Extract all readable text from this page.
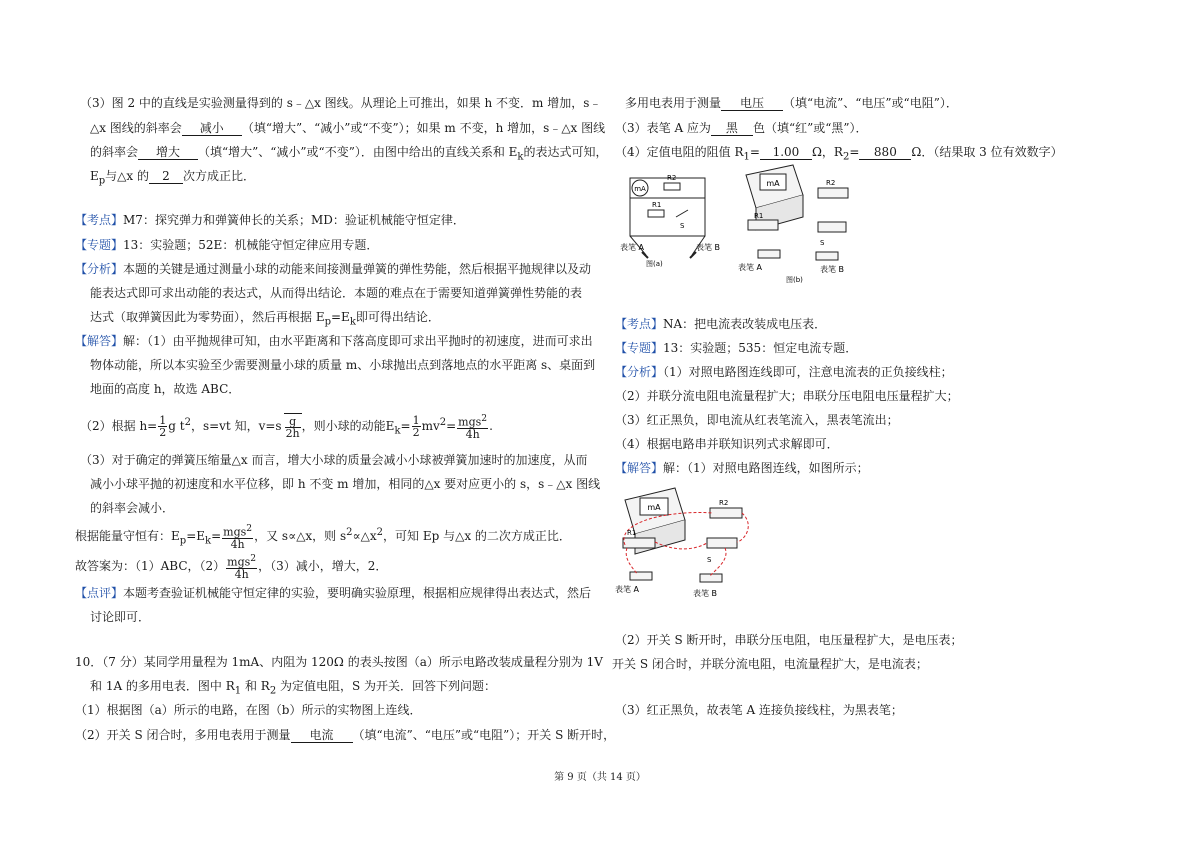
（3）图 2 中的直线是实验测量得到的 s﹣△x 图线。从理论上可推出，如果 h 不变．m 增加，s﹣
△x 图线的斜率会 减小 （填“增大”、“减小”或“不变”）；如果 m 不变，h 增加，s﹣△x 图线
的斜率会 增大 （填“增大”、“减小”或“不变”）．由图中给出的直线关系和 $E_k$的表达式可知，
$E_p$与△x 的 2 次方成正比．
【考点】M7：探究弹力和弹簧伸长的关系；MD：验证机械能守恒定律．
【专题】13：实验题；52E：机械能守恒定律应用专题．
【分析】本题的关键是通过测量小球的动能来间接测量弹簧的弹性势能，然后根据平抛规律以及动
能表达式即可求出动能的表达式，从而得出结论．本题的难点在于需要知道弹簧弹性势能的表
达式（取弹簧因此为零势面），然后再根据 $E_p=E_k$即可得出结论．
【解答】解：（1）由平抛规律可知，由水平距离和下落高度即可求出平抛时的初速度，进而可求出
物体动能，所以本实验至少需要测量小球的质量 m、小球抛出点到落地点的水平距离 s、桌面到
地面的高度 h，故选 ABC．
（2）根据 $h= \frac{1}{2}$ g $t^2$，s=vt 知，$v=s \frac{g}{2h}$ ，则小球的动能$E_k= \frac{1}{2} mv^2= \frac{mgs^2}{4h}$ .
（3）对于确定的弹簧压缩量△x 而言，增大小球的质量会减小小球被弹簧加速时的加速度，从而
减小小球平抛的初速度和水平位移，即 h 不变 m 增加，相同的△x 要对应更小的 s，s﹣△x 图线
的斜率会减小．
根据能量守恒有：$E_p=E_k= \frac{mgs^2}{4h}$ ，又 s∝△x，则 $s^2\propto\triangle x^2$，可知 Ep 与△x 的二次方成正比．
故答案为：（1）ABC，$(2) \frac{mgs^2}{4h}$ ，（3）减小，增大，2．
【点评】本题考查验证机械能守恒定律的实验，要明确实验原理，根据相应规律得出表达式，然后
讨论即可．
10．（7 分）某同学用量程为 1mA、内阻为 120Ω 的表头按图（a）所示电路改装成量程分别为 1V
和 1A 的多用电表．图中 $R_1$ 和 $R_2$ 为定值电阻，S 为开关．回答下列问题：
（1）根据图（a）所示的电路，在图（b）所示的实物图上连线．
（2）开关 S 闭合时，多用电表用于测量 电流 （填“电流”、“电压”或“电阻”）；开关 S 断开时，
多用电表用于测量 电压 （填“电流”、“电压”或“电阻”）．
（3）表笔 A 应为 黑 色（填“红”或“黑”）．
（4）定值电阻的阻值 $R_1= 1.00$ Ω，$R_2= 880$ Ω．（结果取 3 位有效数字）
mA
R2
R1
S
表笔 A	表笔 B
图(a)
mA	R2
R1
S
表笔 A	表笔 B
图(b)
【考点】NA：把电流表改装成电压表．
【专题】13：实验题；535：恒定电流专题．
【分析】（1）对照电路图连线即可，注意电流表的正负接线柱；
（2）并联分流电阻电流量程扩大；串联分压电阻电压量程扩大；
（3）红正黑负，即电流从红表笔流入，黑表笔流出；
（4）根据电路串并联知识列式求解即可．
【解答】解：（1）对照电路图连线，如图所示；
mA	R2
R1
S
表笔 A	表笔 B
（2）开关 S 断开时，串联分压电阻，电压量程扩大，是电压表；
开关 S 闭合时，并联分流电阻，电流量程扩大，是电流表；
（3）红正黑负，故表笔 A 连接负接线柱，为黑表笔；
第 9 页（共 14 页）
